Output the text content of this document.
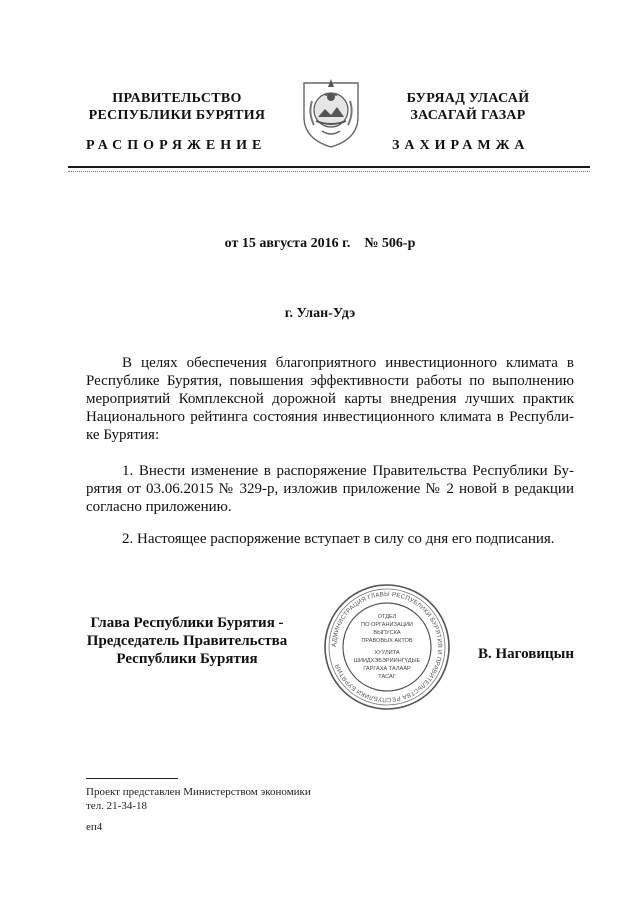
ПРАВИТЕЛЬСТВО
РЕСПУБЛИКИ БУРЯТИЯ
БУРЯАД УЛАСАЙ
ЗАСАГАЙ ГАЗАР
РАСПОРЯЖЕНИЕ	ЗАХИРАМЖА
от 15 августа 2016 г.    № 506-р
г. Улан-Удэ

В целях обеспечения благоприятного инвестиционного климата в Республике Бурятия, повышения эффективности работы по выполнению мероприятий Комплексной дорожной карты внедрения лучших практик Национального рейтинга состояния инвестиционного климата в Республи-ке Бурятия:

1. Внести изменение в распоряжение Правительства Республики Бу-рятия от 03.06.2015 № 329-р, изложив приложение № 2 новой в редакции согласно приложению.

2. Настоящее распоряжение вступает в силу со дня его подписания.

Глава Республики Бурятия -
Председатель Правительства
Республики Бурятия
АДМИНИСТРАЦИЯ ГЛАВЫ РЕСПУБЛИКИ БУРЯТИЯ И ПРАВИТЕЛЬСТВА РЕСПУБЛИКИ БУРЯТИЯ
ОТДЕЛ
ПО ОРГАНИЗАЦИИ
ВЫПУСКА
ПРАВОВЫХ АКТОВ
ХУУЛИТА
ШИИДХЭБЭРИИНГҮДЫЕ
ГАРГАХА ТАЛААР
ТАСАГ
В. Наговицын
Проект представлен Министерством экономики
тел. 21-34-18
еп4
